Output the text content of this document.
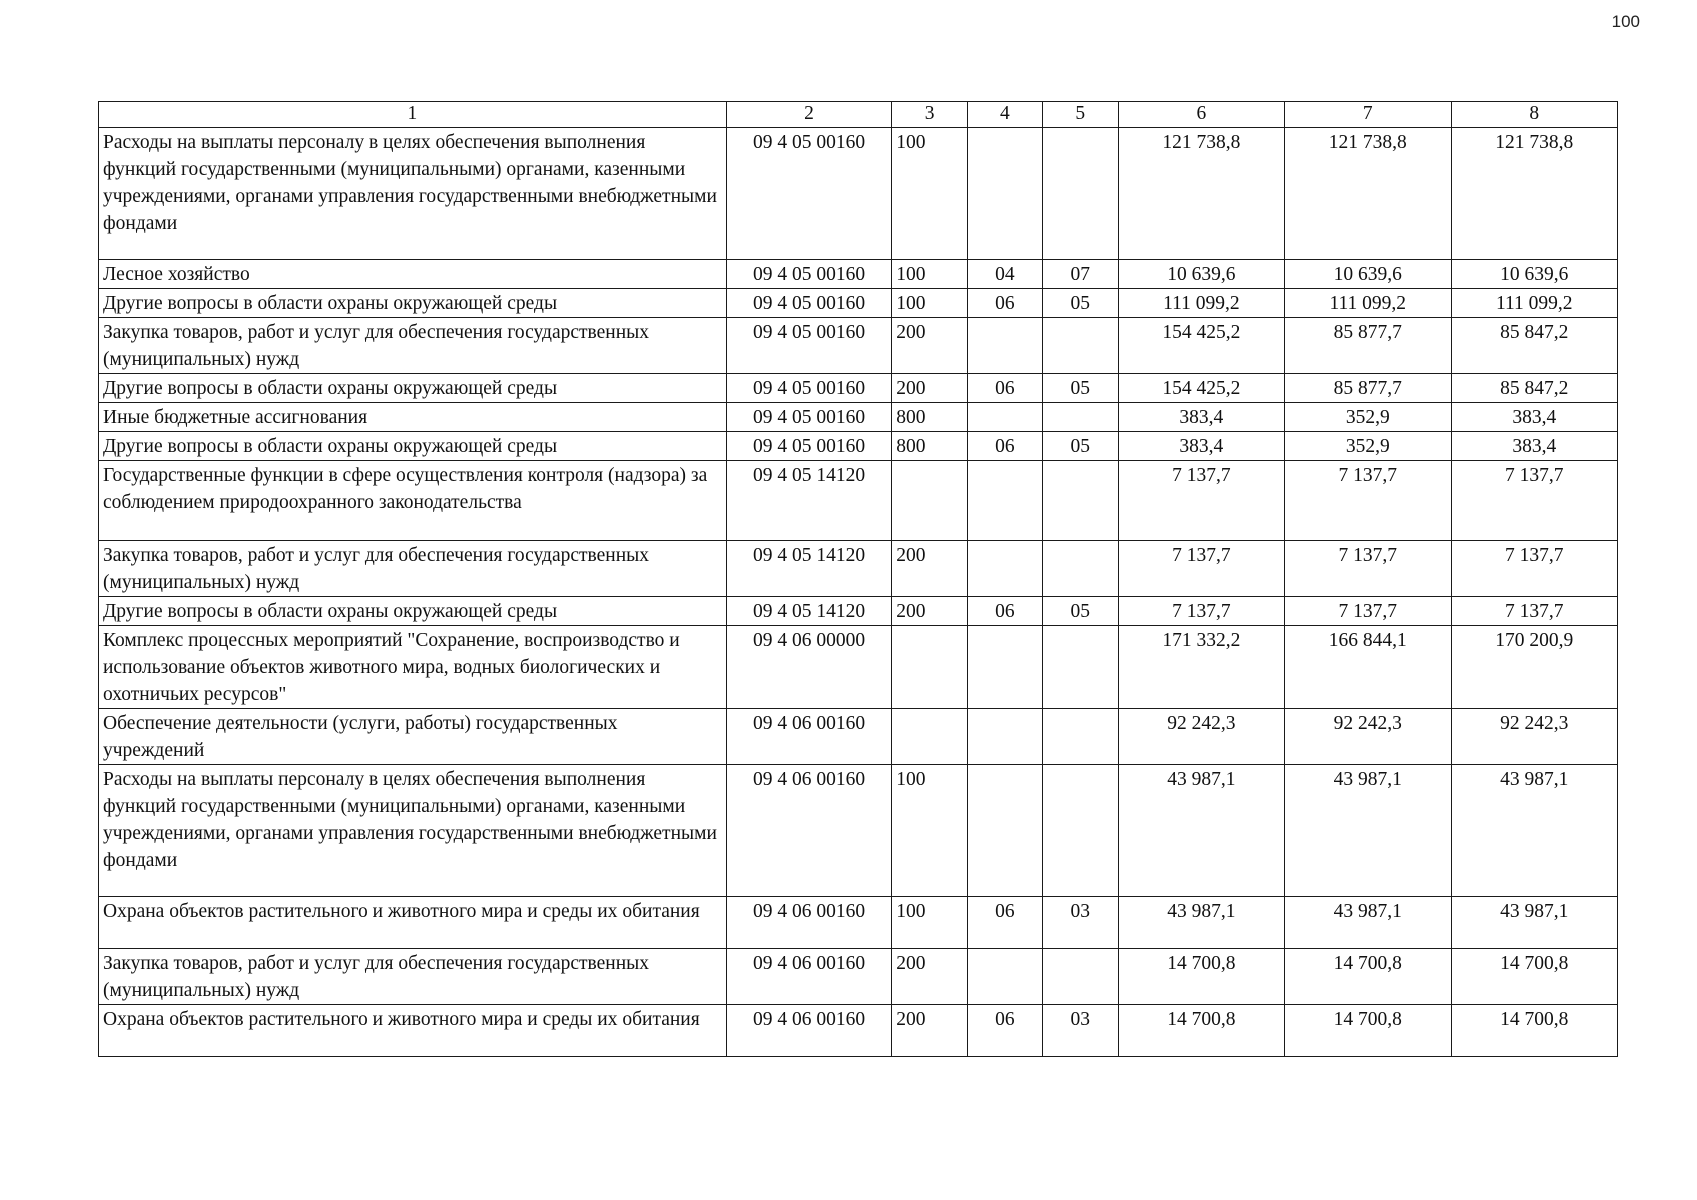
100
1	2	3	4	5	6	7	8
Расходы на выплаты персоналу в целях обеспечения выполнения функций государственными (муниципальными) органами, казенными учреждениями, органами управления государственными внебюджетными фондами	09 4 05 00160	100			121 738,8	121 738,8	121 738,8
Лесное хозяйство	09 4 05 00160	100	04	07	10 639,6	10 639,6	10 639,6
Другие вопросы в области охраны окружающей среды	09 4 05 00160	100	06	05	111 099,2	111 099,2	111 099,2
Закупка товаров, работ и услуг для обеспечения государственных (муниципальных) нужд	09 4 05 00160	200			154 425,2	85 877,7	85 847,2
Другие вопросы в области охраны окружающей среды	09 4 05 00160	200	06	05	154 425,2	85 877,7	85 847,2
Иные бюджетные ассигнования	09 4 05 00160	800			383,4	352,9	383,4
Другие вопросы в области охраны окружающей среды	09 4 05 00160	800	06	05	383,4	352,9	383,4
Государственные функции в сфере осуществления контроля (надзора) за соблюдением природоохранного законодательства	09 4 05 14120				7 137,7	7 137,7	7 137,7
Закупка товаров, работ и услуг для обеспечения государственных (муниципальных) нужд	09 4 05 14120	200			7 137,7	7 137,7	7 137,7
Другие вопросы в области охраны окружающей среды	09 4 05 14120	200	06	05	7 137,7	7 137,7	7 137,7
Комплекс процессных мероприятий "Сохранение, воспроизводство и использование объектов животного мира, водных биологических и охотничьих ресурсов"	09 4 06 00000				171 332,2	166 844,1	170 200,9
Обеспечение деятельности (услуги, работы) государственных учреждений	09 4 06 00160				92 242,3	92 242,3	92 242,3
Расходы на выплаты персоналу в целях обеспечения выполнения функций государственными (муниципальными) органами, казенными учреждениями, органами управления государственными внебюджетными фондами	09 4 06 00160	100			43 987,1	43 987,1	43 987,1
Охрана объектов растительного и животного мира и среды их обитания	09 4 06 00160	100	06	03	43 987,1	43 987,1	43 987,1
Закупка товаров, работ и услуг для обеспечения государственных (муниципальных) нужд	09 4 06 00160	200			14 700,8	14 700,8	14 700,8
Охрана объектов растительного и животного мира и среды их обитания	09 4 06 00160	200	06	03	14 700,8	14 700,8	14 700,8
